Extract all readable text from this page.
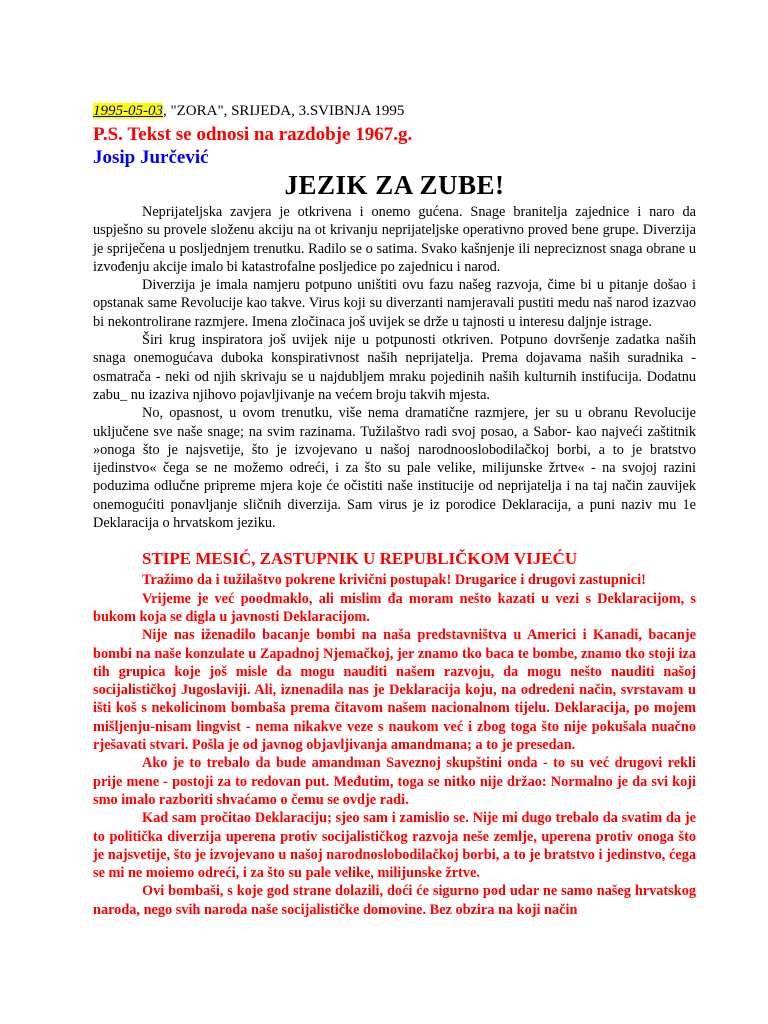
1995-05-03, "ZORA", SRIJEDA, 3.SVIBNJA 1995

P.S. Tekst se odnosi na razdobje 1967.g.

Josip Jurčević

JEZIK ZA ZUBE!

Neprijateljska zavjera je otkrivena i onemo gućena. Snage branitelja zajednice i naro da uspješno su provele složenu akciju na ot krivanju neprijateljske operativno proved bene grupe. Diverzija je spriječena u posljednjem trenutku. Radilo se o satima. Svako kašnjenje ili nepreciznost snaga obrane u izvođenju akcije imalo bi katastrofalne posljedice po zajednicu i narod.

Diverzija je imala namjeru potpuno uništiti ovu fazu našeg razvoja, čime bi u pitanje došao i opstanak same Revolucije kao takve. Virus koji su diverzanti namjeravali pustiti medu naš narod izazvao bi nekontrolirane razmjere. Imena zločinaca još uvijek se drže u tajnosti u interesu daljnje istrage.

Širi krug inspiratora još uvijek nije u potpunosti otkriven. Potpuno dovršenje zadatka naših snaga onemogućavа duboka konspirativnost naših neprijatelja. Prema dojavama naših suradnika - osmatrača - neki od njih skrivaju se u najdubljem mraku pojedinih naših kulturnih instifucija. Dodatnu zabu_ nu izaziva njihovo pojavljivanje na većem broju takvih mjesta.

No, opasnost, u ovom trenutku, više nema dramatične razmjere, jer su u obranu Revolucije uključene sve naše snage; na svim razinama. Tužilaštvo radi svoj posao, a Sabor- kao najveći zaštitnik »onoga što je najsvetije, što je izvojevano u našoj narodnooslobodilačkoj borbi, a to je bratstvo ijedinstvo« čega se ne možemo odreći, i za što su pale velike, milijunske žrtve« - na svojoj razini poduzima odlučne pripreme mjera koje će očistiti naše institucije od neprijatelja i na taj način zauvijek onemogućiti ponavljanje sličnih diverzija. Sam virus je iz porodice Deklaracija, a puni naziv mu 1e Deklaracija o hrvatskom jeziku.

STIPE MESIĆ, ZASTUPNIK U REPUBLIČKOM VIJEĆU

Tražimo da i tužilaštvo pokrene krivični postupak! Drugarice i drugovi zastupnici!

Vrijeme je već poodmaklo, ali mislim đa moram nešto kazati u vezi s Deklaracijom, s bukom koja se digla u javnosti Deklaracijom.

Nije nas iženadilo bacanje bombi na naša predstavništva u Americi i Kanadi, bacanje bombi na naše konzulate u Zapadnoj Njemačkoj, jer znamo tko baca te bombe, znamo tko stoji iza tih grupica koje još misle da mogu nauditi našem razvoju, da mogu nešto nauditi našoj socijalističkoj Jugoslaviji. Ali, iznenadila nas je Deklaracija koju, na odredeni način, svrstavam u išti koš s nekolicinom bombaša prema čitavom našem nacionalnom tijelu. Deklaracija, po mojem mišljenju-nisam lingvist - nema nikakve veze s naukom već i zbog toga što nije pokušala nuačno rješavati stvari. Pošla je od javnog objavljivanja amandmana; a to je presedan.

Ako je to trebalo da bude amandman Saveznoj skupštini onda - to su već drugovi rekli prije mene - postoji za to redovan put. Međutim, toga se nitko nije držao: Normalno je da svi koji smo imalo razboriti shvaćamo o čemu se ovdje radi.

Kad sam pročitao Deklaraciju; sjeo sam i zamislio se. Nije mi dugo trebalo da svatim da je to politička diverzija uperena protiv socijalističkog razvoja neše zemlje, uperena protiv onoga što je najsvetije, što je izvojevano u našoj narodnoslobodilačkoj borbi, a to je bratstvo i jedinstvo, ćega se mi ne moiemo odreći, i za što su pale velike, milijunske žrtve.

Ovi bombaši, s koje god strane dolazili, doći će sigurno pod udar ne samo našeg hrvatskog naroda, nego svih naroda naše socijalističke domovine. Bez obzira na koji način
